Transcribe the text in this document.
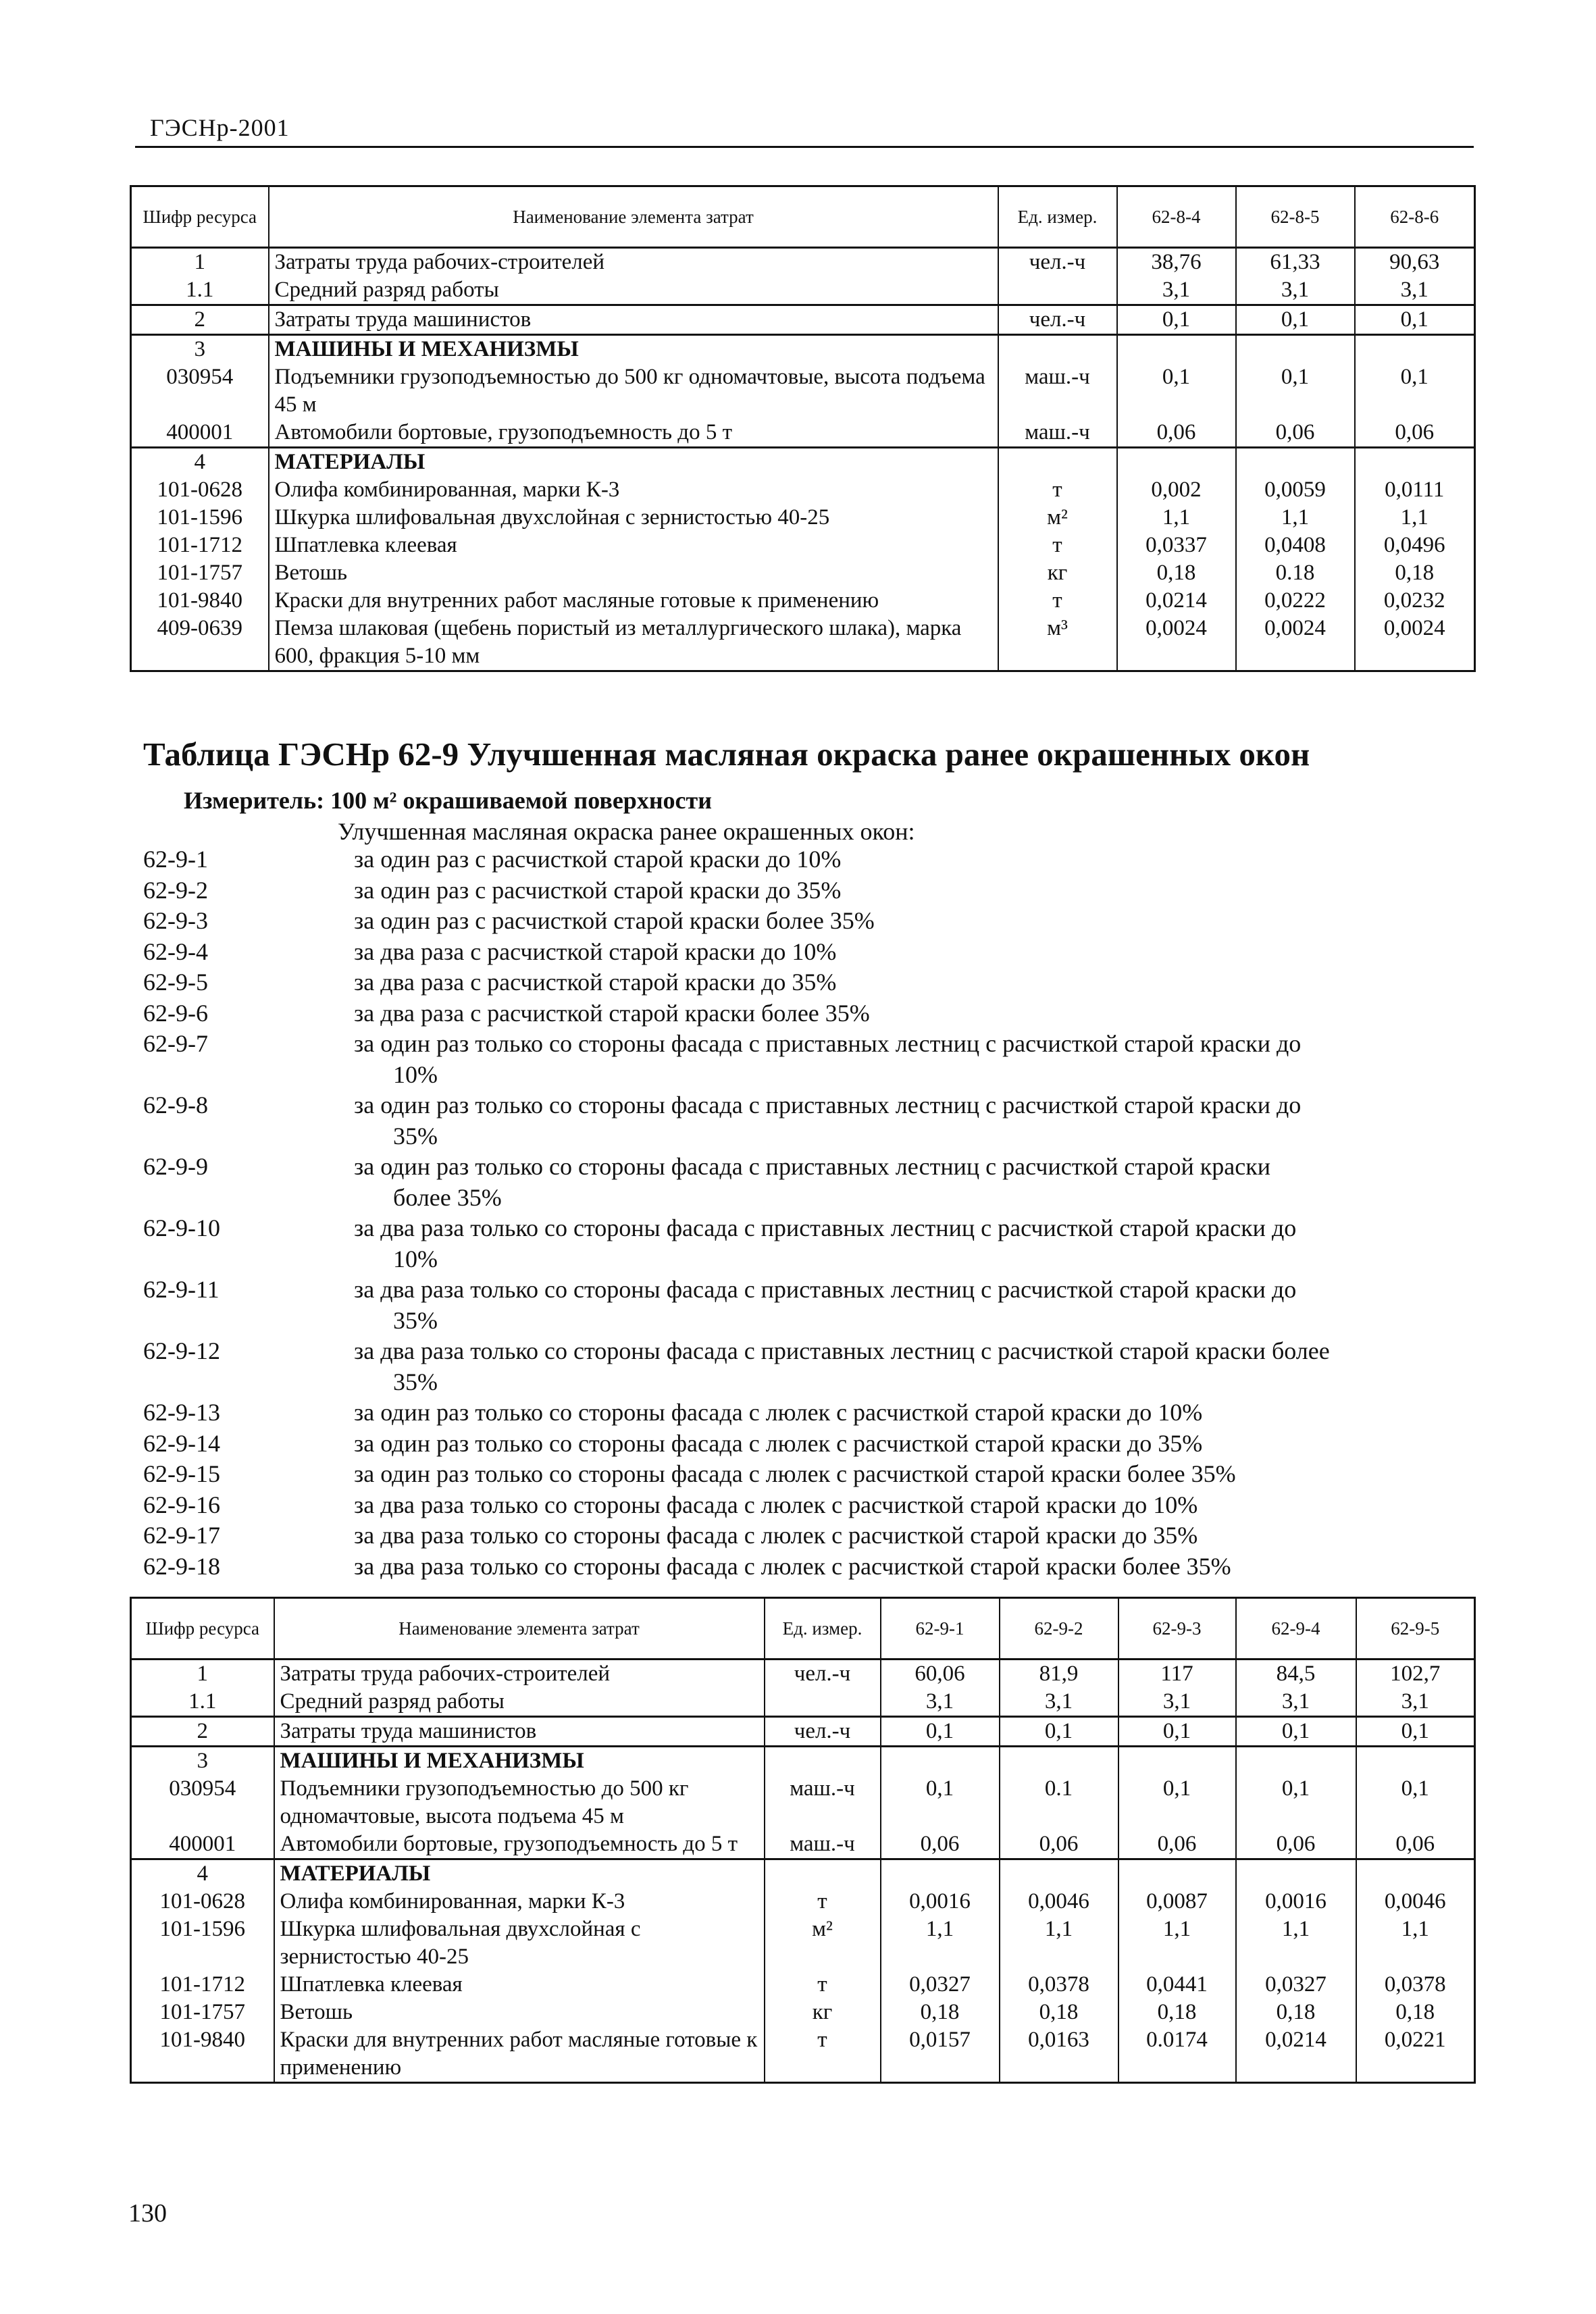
ГЭСНр-2001
Шифр ресурса	Наименование элемента затрат	Ед. измер.	62-8-4	62-8-5	62-8-6
1	Затраты труда рабочих-строителей	чел.-ч	38,76	61,33	90,63
1.1	Средний разряд работы		3,1	3,1	3,1
2	Затраты труда машинистов	чел.-ч	0,1	0,1	0,1
3	МАШИНЫ И МЕХАНИЗМЫ				
030954	Подъемники грузоподъемностью до 500 кг одномачтовые, высота подъема 45 м	маш.-ч	0,1	0,1	0,1
400001	Автомобили бортовые, грузоподъемность до 5 т	маш.-ч	0,06	0,06	0,06
4	МАТЕРИАЛЫ				
101-0628	Олифа комбинированная, марки К-3	т	0,002	0,0059	0,0111
101-1596	Шкурка шлифовальная двухслойная с зернистостью 40-25	м²	1,1	1,1	1,1
101-1712	Шпатлевка клеевая	т	0,0337	0,0408	0,0496
101-1757	Ветошь	кг	0,18	0.18	0,18
101-9840	Краски для внутренних работ масляные готовые к применению	т	0,0214	0,0222	0,0232
409-0639	Пемза шлаковая (щебень пористый из металлургического шлака), марка 600, фракция 5-10 мм	м³	0,0024	0,0024	0,0024
Таблица ГЭСНр 62-9 Улучшенная масляная окраска ранее окрашенных окон
Измеритель: 100 м² окрашиваемой поверхности
Улучшенная масляная окраска ранее окрашенных окон:
62-9-1	за один раз с расчисткой старой краски до 10%
62-9-2	за один раз с расчисткой старой краски до 35%
62-9-3	за один раз с расчисткой старой краски более 35%
62-9-4	за два раза с расчисткой старой краски до 10%
62-9-5	за два раза с расчисткой старой краски до 35%
62-9-6	за два раза с расчисткой старой краски более 35%
62-9-7	за один раз только со стороны фасада с приставных лестниц с расчисткой старой краски до
10%
62-9-8	за один раз только со стороны фасада с приставных лестниц с расчисткой старой краски до
35%
62-9-9	за один раз только со стороны фасада с приставных лестниц с расчисткой старой краски
более 35%
62-9-10	за два раза только со стороны фасада с приставных лестниц с расчисткой старой краски до
10%
62-9-11	за два раза только со стороны фасада с приставных лестниц с расчисткой старой краски до
35%
62-9-12	за два раза только со стороны фасада с приставных лестниц с расчисткой старой краски более
35%
62-9-13	за один раз только со стороны фасада с люлек с расчисткой старой краски до 10%
62-9-14	за один раз только со стороны фасада с люлек с расчисткой старой краски до 35%
62-9-15	за один раз только со стороны фасада с люлек с расчисткой старой краски более 35%
62-9-16	за два раза только со стороны фасада с люлек с расчисткой старой краски до 10%
62-9-17	за два раза только со стороны фасада с люлек с расчисткой старой краски до 35%
62-9-18	за два раза только со стороны фасада с люлек с расчисткой старой краски более 35%
Шифр ресурса	Наименование элемента затрат	Ед. измер.	62-9-1	62-9-2	62-9-3	62-9-4	62-9-5
1	Затраты труда рабочих-строителей	чел.-ч	60,06	81,9	117	84,5	102,7
1.1	Средний разряд работы		3,1	3,1	3,1	3,1	3,1
2	Затраты труда машинистов	чел.-ч	0,1	0,1	0,1	0,1	0,1
3	МАШИНЫ И МЕХАНИЗМЫ						
030954	Подъемники грузоподъемностью до 500 кг одномачтовые, высота подъема 45 м	маш.-ч	0,1	0.1	0,1	0,1	0,1
400001	Автомобили бортовые, грузоподъемность до 5 т	маш.-ч	0,06	0,06	0,06	0,06	0,06
4	МАТЕРИАЛЫ						
101-0628	Олифа комбинированная, марки К-3	т	0,0016	0,0046	0,0087	0,0016	0,0046
101-1596	Шкурка шлифовальная двухслойная с зернистостью 40-25	м²	1,1	1,1	1,1	1,1	1,1
101-1712	Шпатлевка клеевая	т	0,0327	0,0378	0,0441	0,0327	0,0378
101-1757	Ветошь	кг	0,18	0,18	0,18	0,18	0,18
101-9840	Краски для внутренних работ масляные готовые к применению	т	0,0157	0,0163	0.0174	0,0214	0,0221
130
